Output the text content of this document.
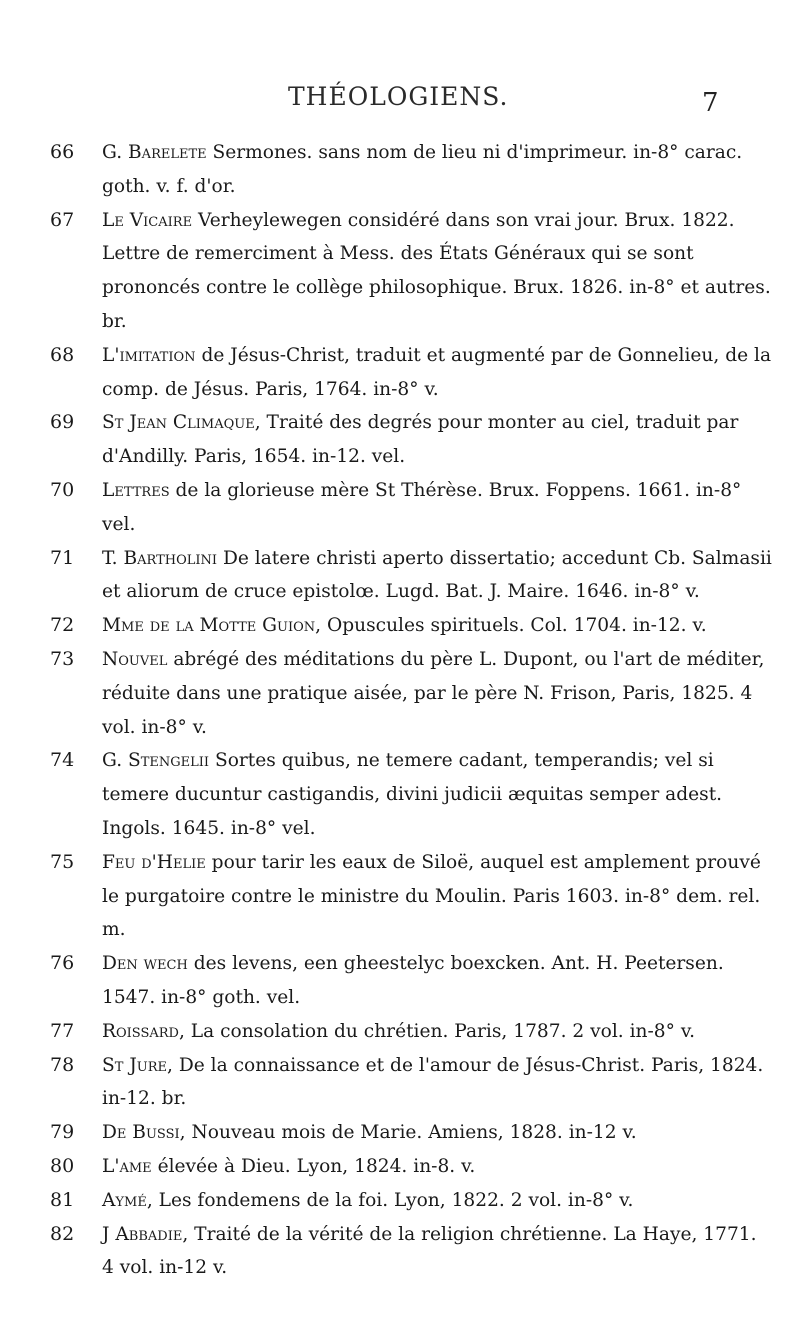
THÉOLOGIENS.	7

66	G. Barelete Sermones. sans nom de lieu ni d'imprimeur. in-8° carac. goth. v. f. d'or.

67	Le Vicaire Verheylewegen considéré dans son vrai jour. Brux. 1822. Lettre de remerciment à Mess. des États Généraux qui se sont prononcés contre le collège philosophique. Brux. 1826. in-8° et autres. br.

68	L'imitation de Jésus-Christ, traduit et augmenté par de Gonnelieu, de la comp. de Jésus. Paris, 1764. in-8° v.

69	St Jean Climaque, Traité des degrés pour monter au ciel, traduit par d'Andilly. Paris, 1654. in-12. vel.

70	Lettres de la glorieuse mère St Thérèse. Brux. Foppens. 1661. in-8° vel.

71	T. Bartholini De latere christi aperto dissertatio; accedunt Cb. Salmasii et aliorum de cruce epistolœ. Lugd. Bat. J. Maire. 1646. in-8° v.

72	Mme de la Motte Guion, Opuscules spirituels. Col. 1704. in-12. v.

73	Nouvel abrégé des méditations du père L. Dupont, ou l'art de méditer, réduite dans une pratique aisée, par le père N. Frison, Paris, 1825. 4 vol. in-8° v.

74	G. Stengelii Sortes quibus, ne temere cadant, temperandis; vel si temere ducuntur castigandis, divini judicii æquitas semper adest. Ingols. 1645. in-8° vel.

75	Feu d'Helie pour tarir les eaux de Siloë, auquel est amplement prouvé le purgatoire contre le ministre du Moulin. Paris 1603. in-8° dem. rel. m.

76	Den wech des levens, een gheestelyc boexcken. Ant. H. Peetersen. 1547. in-8° goth. vel.

77	Roissard, La consolation du chrétien. Paris, 1787. 2 vol. in-8° v.

78	St Jure, De la connaissance et de l'amour de Jésus-Christ. Paris, 1824. in-12. br.

79	De Bussi, Nouveau mois de Marie. Amiens, 1828. in-12 v.

80	L'ame élevée à Dieu. Lyon, 1824. in-8. v.

81	Aymé, Les fondemens de la foi. Lyon, 1822. 2 vol. in-8° v.

82	J Abbadie, Traité de la vérité de la religion chrétienne. La Haye, 1771. 4 vol. in-12 v.
